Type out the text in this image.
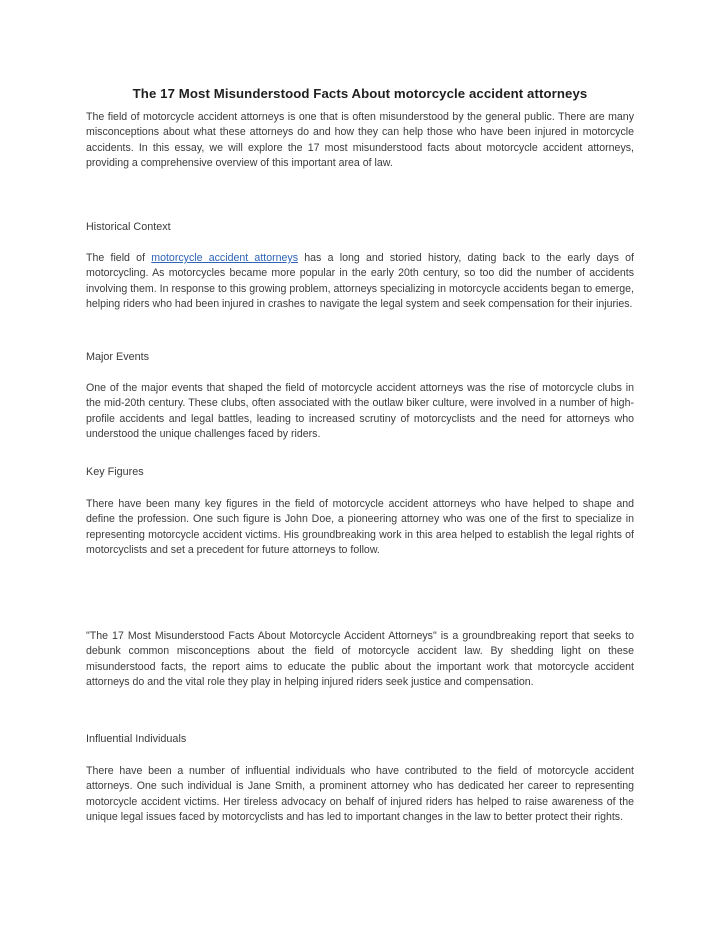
The 17 Most Misunderstood Facts About motorcycle accident attorneys

The field of motorcycle accident attorneys is one that is often misunderstood by the general public. There are many misconceptions about what these attorneys do and how they can help those who have been injured in motorcycle accidents. In this essay, we will explore the 17 most misunderstood facts about motorcycle accident attorneys, providing a comprehensive overview of this important area of law.

Historical Context

The field of motorcycle accident attorneys has a long and storied history, dating back to the early days of motorcycling. As motorcycles became more popular in the early 20th century, so too did the number of accidents involving them. In response to this growing problem, attorneys specializing in motorcycle accidents began to emerge, helping riders who had been injured in crashes to navigate the legal system and seek compensation for their injuries.

Major Events

One of the major events that shaped the field of motorcycle accident attorneys was the rise of motorcycle clubs in the mid-20th century. These clubs, often associated with the outlaw biker culture, were involved in a number of high-profile accidents and legal battles, leading to increased scrutiny of motorcyclists and the need for attorneys who understood the unique challenges faced by riders.

Key Figures

There have been many key figures in the field of motorcycle accident attorneys who have helped to shape and define the profession. One such figure is John Doe, a pioneering attorney who was one of the first to specialize in representing motorcycle accident victims. His groundbreaking work in this area helped to establish the legal rights of motorcyclists and set a precedent for future attorneys to follow.

"The 17 Most Misunderstood Facts About Motorcycle Accident Attorneys" is a groundbreaking report that seeks to debunk common misconceptions about the field of motorcycle accident law. By shedding light on these misunderstood facts, the report aims to educate the public about the important work that motorcycle accident attorneys do and the vital role they play in helping injured riders seek justice and compensation.

Influential Individuals

There have been a number of influential individuals who have contributed to the field of motorcycle accident attorneys. One such individual is Jane Smith, a prominent attorney who has dedicated her career to representing motorcycle accident victims. Her tireless advocacy on behalf of injured riders has helped to raise awareness of the unique legal issues faced by motorcyclists and has led to important changes in the law to better protect their rights.
